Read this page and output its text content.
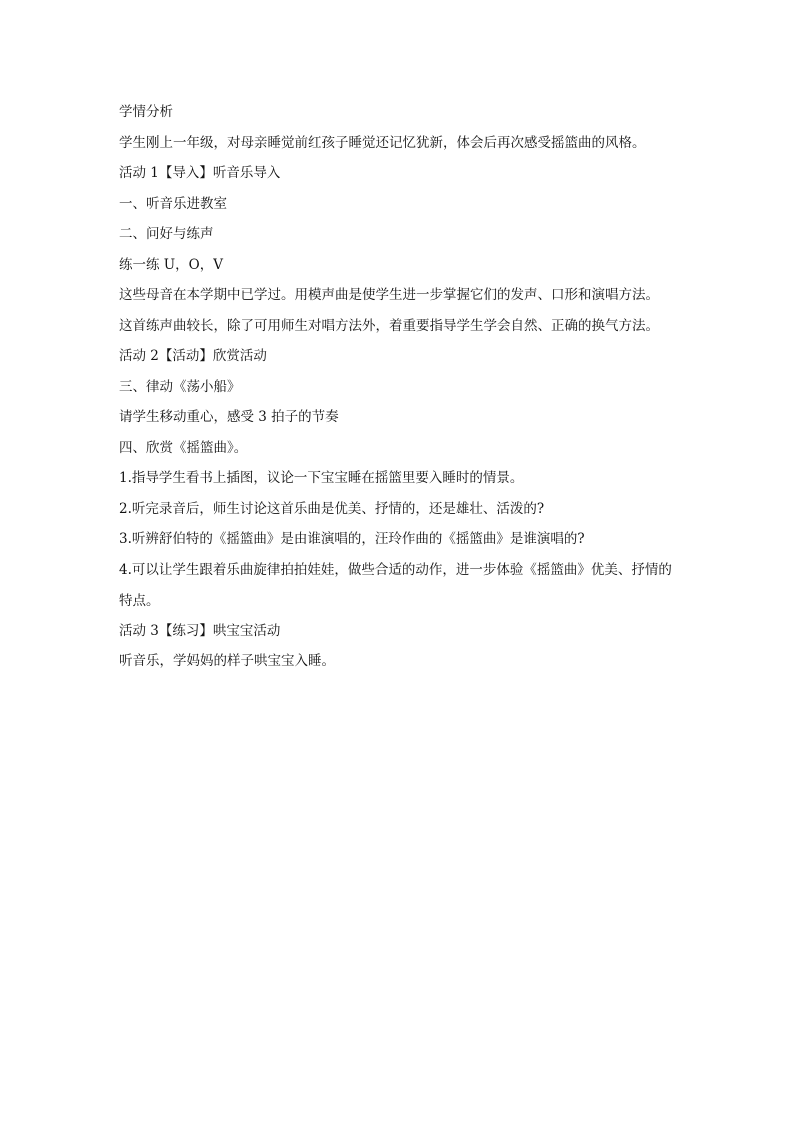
学情分析
学生刚上一年级，对母亲睡觉前红孩子睡觉还记忆犹新，体会后再次感受摇篮曲的风格。
活动 1【导入】听音乐导入
一、听音乐进教室
二、问好与练声
练一练 U，O，V
这些母音在本学期中已学过。用模声曲是使学生进一步掌握它们的发声、口形和演唱方法。
这首练声曲较长，除了可用师生对唱方法外，着重要指导学生学会自然、正确的换气方法。
活动 2【活动】欣赏活动
三、律动《荡小船》
请学生移动重心，感受 3 拍子的节奏
四、欣赏《摇篮曲》。
1.指导学生看书上插图，议论一下宝宝睡在摇篮里要入睡时的情景。
2.听完录音后，师生讨论这首乐曲是优美、抒情的，还是雄壮、活泼的?
3.听辨舒伯特的《摇篮曲》是由谁演唱的，汪玲作曲的《摇篮曲》是谁演唱的?
4.可以让学生跟着乐曲旋律拍拍娃娃，做些合适的动作，进一步体验《摇篮曲》优美、抒情的特点。
活动 3【练习】哄宝宝活动
听音乐，学妈妈的样子哄宝宝入睡。
